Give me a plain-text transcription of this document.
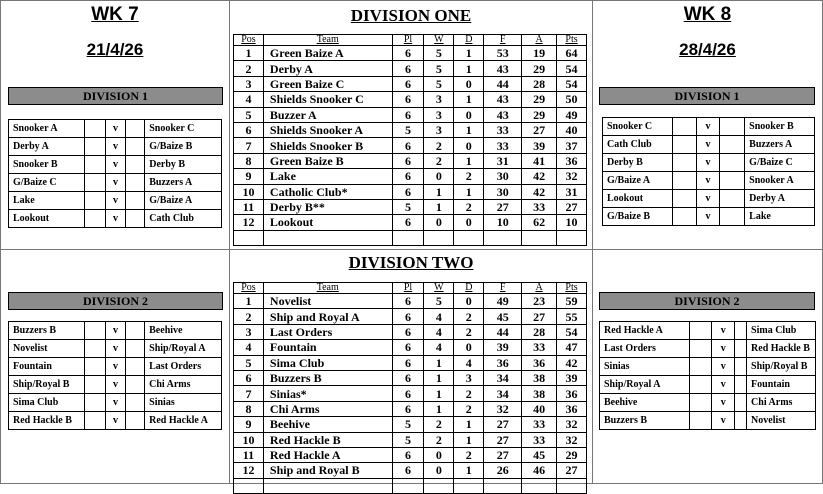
WK 7
21/4/26
DIVISION 1
Snooker A		v		Snooker C
Derby A		v		G/Baize B
Snooker B		v		Derby B
G/Baize C		v		Buzzers A
Lake		v		G/Baize A
Lookout		v		Cath Club
WK 8
28/4/26
DIVISION 1
Snooker C		v		Snooker B
Cath Club		v		Buzzers A
Derby B		v		G/Baize C
G/Baize A		v		Snooker A
Lookout		v		Derby A
G/Baize B		v		Lake
DIVISION 2
Buzzers B		v		Beehive
Novelist		v		Ship/Royal A
Fountain		v		Last Orders
Ship/Royal B		v		Chi Arms
Sima Club		v		Sinias
Red Hackle B		v		Red Hackle A
DIVISION 2
Red Hackle A		v		Sima Club
Last Orders		v		Red Hackle B
Sinias		v		Ship/Royal B
Ship/Royal A		v		Fountain
Beehive		v		Chi Arms
Buzzers B		v		Novelist
DIVISION ONE
Pos	Team	Pl	W	D	F	A	Pts
1	Green Baize A	6	5	1	53	19	64
2	Derby A	6	5	1	43	29	54
3	Green Baize C	6	5	0	44	28	54
4	Shields Snooker C	6	3	1	43	29	50
5	Buzzer A	6	3	0	43	29	49
6	Shields Snooker A	5	3	1	33	27	40
7	Shields Snooker B	6	2	0	33	39	37
8	Green Baize B	6	2	1	31	41	36
9	Lake	6	0	2	30	42	32
10	Catholic Club*	6	1	1	30	42	31
11	Derby B**	5	1	2	27	33	27
12	Lookout	6	0	0	10	62	10

DIVISION TWO
Pos	Team	Pl	W	D	F	A	Pts
1	Novelist	6	5	0	49	23	59
2	Ship and Royal A	6	4	2	45	27	55
3	Last Orders	6	4	2	44	28	54
4	Fountain	6	4	0	39	33	47
5	Sima Club	6	1	4	36	36	42
6	Buzzers B	6	1	3	34	38	39
7	Sinias*	6	1	2	34	38	36
8	Chi Arms	6	1	2	32	40	36
9	Beehive	5	2	1	27	33	32
10	Red Hackle B	5	2	1	27	33	32
11	Red Hackle A	6	0	2	27	45	29
12	Ship and Royal B	6	0	1	26	46	27
